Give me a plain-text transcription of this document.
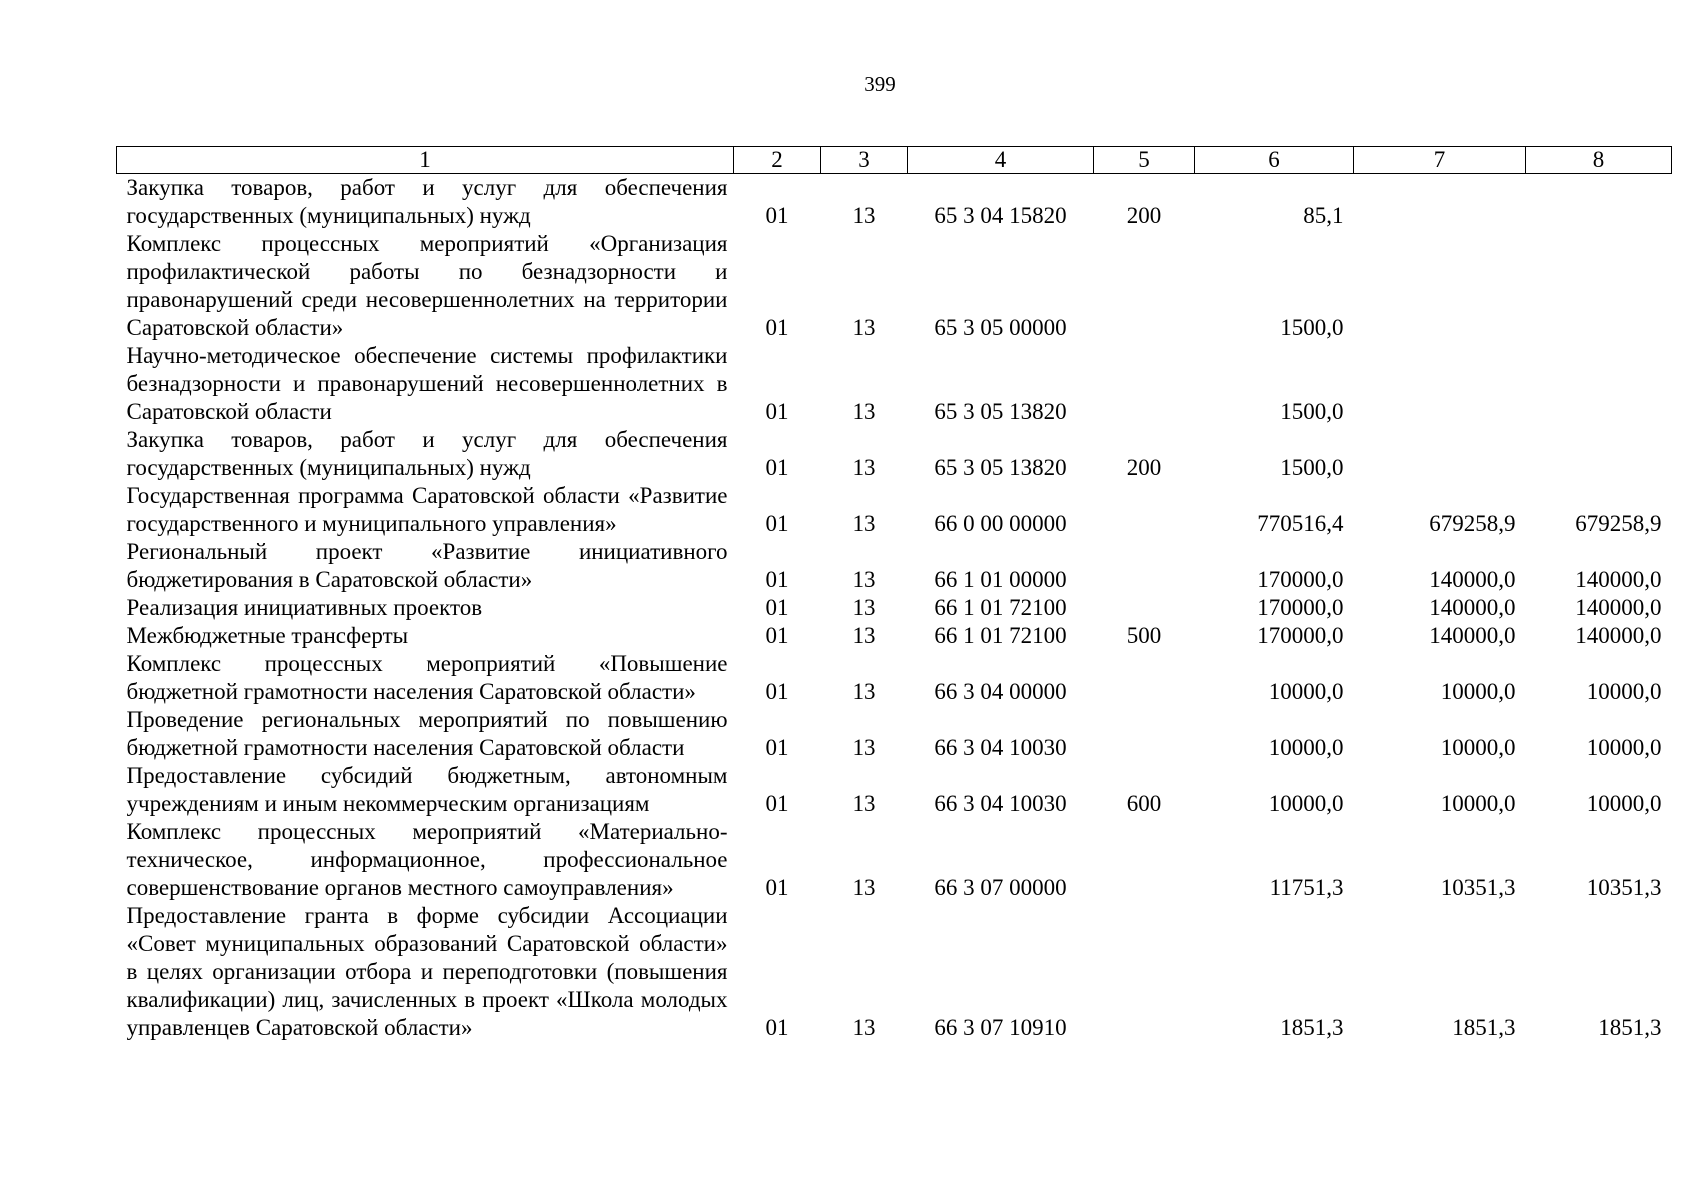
399
1	2	3	4	5	6	7	8
Закупка товаров, работ и услуг для обеспечения государственных (муниципальных) нужд	01	13	65 3 04 15820	200	85,1		
Комплекс процессных мероприятий «Организация профилактической работы по безнадзорности и правонарушений среди несовершеннолетних на территории Саратовской области»	01	13	65 3 05 00000		1500,0		
Научно-методическое обеспечение системы профилактики безнадзорности и правонарушений несовершеннолетних в Саратовской области	01	13	65 3 05 13820		1500,0		
Закупка товаров, работ и услуг для обеспечения государственных (муниципальных) нужд	01	13	65 3 05 13820	200	1500,0		
Государственная программа Саратовской области «Развитие государственного и муниципального управления»	01	13	66 0 00 00000		770516,4	679258,9	679258,9
Региональный проект «Развитие инициативного бюджетирования в Саратовской области»	01	13	66 1 01 00000		170000,0	140000,0	140000,0
Реализация инициативных проектов	01	13	66 1 01 72100		170000,0	140000,0	140000,0
Межбюджетные трансферты	01	13	66 1 01 72100	500	170000,0	140000,0	140000,0
Комплекс процессных мероприятий «Повышение бюджетной грамотности населения Саратовской области»	01	13	66 3 04 00000		10000,0	10000,0	10000,0
Проведение региональных мероприятий по повышению бюджетной грамотности населения Саратовской области	01	13	66 3 04 10030		10000,0	10000,0	10000,0
Предоставление субсидий бюджетным, автономным учреждениям и иным некоммерческим организациям	01	13	66 3 04 10030	600	10000,0	10000,0	10000,0
Комплекс процессных мероприятий «Материально-техническое, информационное, профессиональное совершенствование органов местного самоуправления»	01	13	66 3 07 00000		11751,3	10351,3	10351,3
Предоставление гранта в форме субсидии Ассоциации «Совет муниципальных образований Саратовской области» в целях организации отбора и переподготовки (повышения квалификации) лиц, зачисленных в проект «Школа молодых управленцев Саратовской области»	01	13	66 3 07 10910		1851,3	1851,3	1851,3
